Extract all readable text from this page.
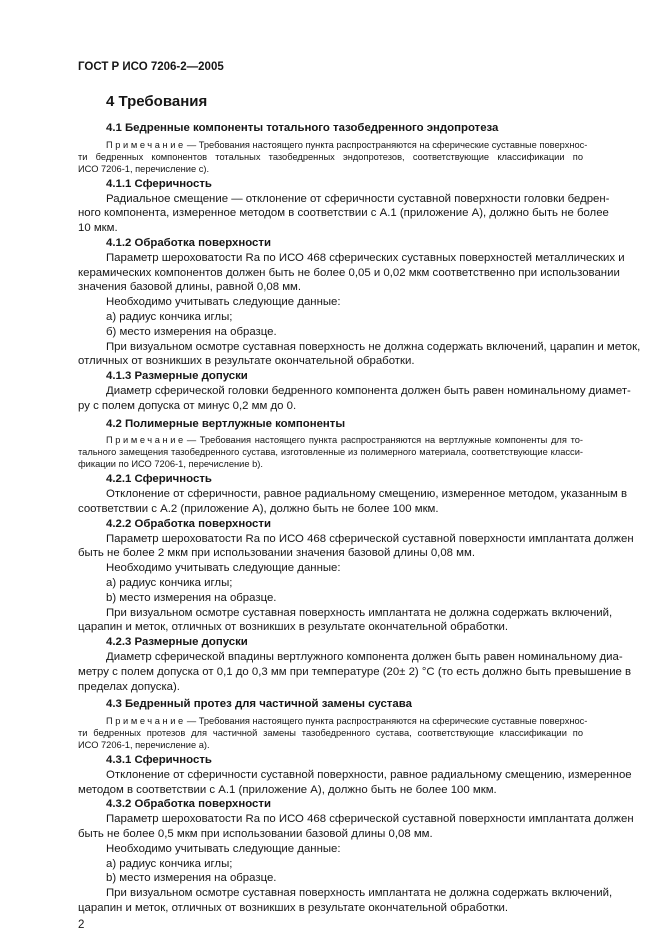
ГОСТ Р ИСО 7206-2—2005
4 Требования
4.1 Бедренные компоненты тотального тазобедренного эндопротеза
Примечание— Требования настоящего пункта распространяются на сферические суставные поверхнос-
ти бедренных компонентов тотальных тазобедренных эндопротезов, соответствующие классификации по
ИСО 7206-1, перечисление с).
4.1.1 Сферичность
Радиальное смещение — отклонение от сферичности суставной поверхности головки бедрен-
ного компонента, измеренное методом в соответствии с А.1 (приложение А), должно быть не более
10 мкм.
4.1.2 Обработка поверхности
Параметр шероховатости Ra по ИСО 468 сферических суставных поверхностей металлических и
керамических компонентов должен быть не более 0,05 и 0,02 мкм соответственно при использовании
значения базовой длины, равной 0,08 мм.
Необходимо учитывать следующие данные:
а) радиус кончика иглы;
б) место измерения на образце.
При визуальном осмотре суставная поверхность не должна содержать включений, царапин и меток,
отличных от возникших в результате окончательной обработки.
4.1.3 Размерные допуски
Диаметр сферической головки бедренного компонента должен быть равен номинальному диамет-
ру с полем допуска от минус 0,2 мм до 0.
4.2 Полимерные вертлужные компоненты
Примечание— Требования настоящего пункта распространяются на вертлужные компоненты для то-
тального замещения тазобедренного сустава, изготовленные из полимерного материала, соответствующие класси-
фикации по ИСО 7206-1, перечисление b).
4.2.1 Сферичность
Отклонение от сферичности, равное радиальному смещению, измеренное методом, указанным в
соответствии с А.2 (приложение А), должно быть не более 100 мкм.
4.2.2 Обработка поверхности
Параметр шероховатости Ra по ИСО 468 сферической суставной поверхности имплантата должен
быть не более 2 мкм при использовании значения базовой длины 0,08 мм.
Необходимо учитывать следующие данные:
а) радиус кончика иглы;
b) место измерения на образце.
При визуальном осмотре суставная поверхность имплантата не должна содержать включений,
царапин и меток, отличных от возникших в результате окончательной обработки.
4.2.3 Размерные допуски
Диаметр сферической впадины вертлужного компонента должен быть равен номинальному диа-
метру с полем допуска от 0,1 до 0,3 мм при температуре (20± 2) °С (то есть должно быть превышение в
пределах допуска).
4.3 Бедренный протез для частичной замены сустава
Примечание— Требования настоящего пункта распространяются на сферические суставные поверхнос-
ти бедренных протезов для частичной замены тазобедренного сустава, соответствующие классификации по
ИСО 7206-1, перечисление а).
4.3.1 Сферичность
Отклонение от сферичности суставной поверхности, равное радиальному смещению, измеренное
методом в соответствии с А.1 (приложение А), должно быть не более 100 мкм.
4.3.2 Обработка поверхности
Параметр шероховатости Ra по ИСО 468 сферической суставной поверхности имплантата должен
быть не более 0,5 мкм при использовании базовой длины 0,08 мм.
Необходимо учитывать следующие данные:
а) радиус кончика иглы;
b) место измерения на образце.
При визуальном осмотре суставная поверхность имплантата не должна содержать включений,
царапин и меток, отличных от возникших в результате окончательной обработки.
2
